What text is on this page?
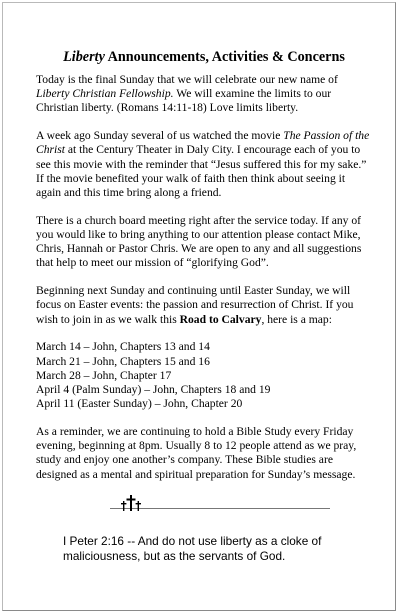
Liberty Announcements, Activities & Concerns

Today is the final Sunday that we will celebrate our new name of Liberty Christian Fellowship. We will examine the limits to our Christian liberty. (Romans 14:11-18) Love limits liberty.

A week ago Sunday several of us watched the movie The Passion of the Christ at the Century Theater in Daly City. I encourage each of you to see this movie with the reminder that “Jesus suffered this for my sake.” If the movie benefited your walk of faith then think about seeing it again and this time bring along a friend.

There is a church board meeting right after the service today. If any of you would like to bring anything to our attention please contact Mike, Chris, Hannah or Pastor Chris. We are open to any and all suggestions that help to meet our mission of “glorifying God”.

Beginning next Sunday and continuing until Easter Sunday, we will focus on Easter events: the passion and resurrection of Christ. If you wish to join in as we walk this Road to Calvary, here is a map:

March 14 – John, Chapters 13 and 14
March 21 – John, Chapters 15 and 16
March 28 – John, Chapter 17
April 4 (Palm Sunday) – John, Chapters 18 and 19
April 11 (Easter Sunday) – John, Chapter 20

As a reminder, we are continuing to hold a Bible Study every Friday evening, beginning at 8pm. Usually 8 to 12 people attend as we pray, study and enjoy one another’s company. These Bible studies are designed as a mental and spiritual preparation for Sunday’s message.

I Peter 2:16 -- And do not use liberty as a cloke of maliciousness, but as the servants of God.
